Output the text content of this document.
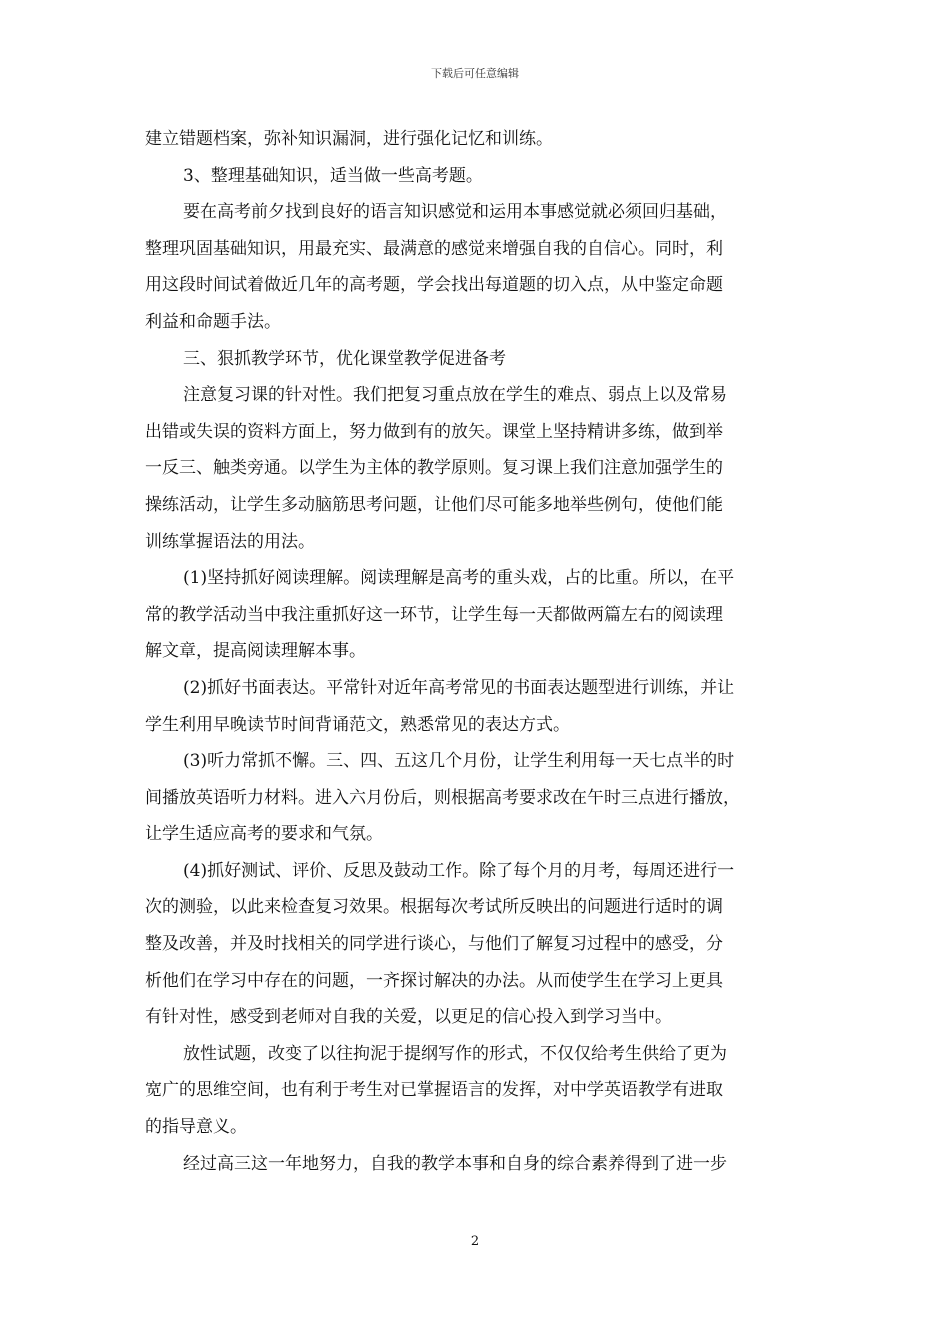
下载后可任意编辑
建立错题档案，弥补知识漏洞，进行强化记忆和训练。
3、整理基础知识，适当做一些高考题。
要在高考前夕找到良好的语言知识感觉和运用本事感觉就必须回归基础，
整理巩固基础知识，用最充实、最满意的感觉来增强自我的自信心。同时，利
用这段时间试着做近几年的高考题，学会找出每道题的切入点，从中鉴定命题
利益和命题手法。
三、狠抓教学环节，优化课堂教学促进备考
注意复习课的针对性。我们把复习重点放在学生的难点、弱点上以及常易
出错或失误的资料方面上，努力做到有的放矢。课堂上坚持精讲多练，做到举
一反三、触类旁通。以学生为主体的教学原则。复习课上我们注意加强学生的
操练活动，让学生多动脑筋思考问题，让他们尽可能多地举些例句，使他们能
训练掌握语法的用法。
(1)坚持抓好阅读理解。阅读理解是高考的重头戏，占的比重。所以，在平
常的教学活动当中我注重抓好这一环节，让学生每一天都做两篇左右的阅读理
解文章，提高阅读理解本事。
(2)抓好书面表达。平常针对近年高考常见的书面表达题型进行训练，并让
学生利用早晚读节时间背诵范文，熟悉常见的表达方式。
(3)听力常抓不懈。三、四、五这几个月份，让学生利用每一天七点半的时
间播放英语听力材料。进入六月份后，则根据高考要求改在午时三点进行播放，
让学生适应高考的要求和气氛。
(4)抓好测试、评价、反思及鼓动工作。除了每个月的月考，每周还进行一
次的测验，以此来检查复习效果。根据每次考试所反映出的问题进行适时的调
整及改善，并及时找相关的同学进行谈心，与他们了解复习过程中的感受，分
析他们在学习中存在的问题，一齐探讨解决的办法。从而使学生在学习上更具
有针对性，感受到老师对自我的关爱，以更足的信心投入到学习当中。
放性试题，改变了以往拘泥于提纲写作的形式，不仅仅给考生供给了更为
宽广的思维空间，也有利于考生对已掌握语言的发挥，对中学英语教学有进取
的指导意义。
经过高三这一年地努力，自我的教学本事和自身的综合素养得到了进一步
2
